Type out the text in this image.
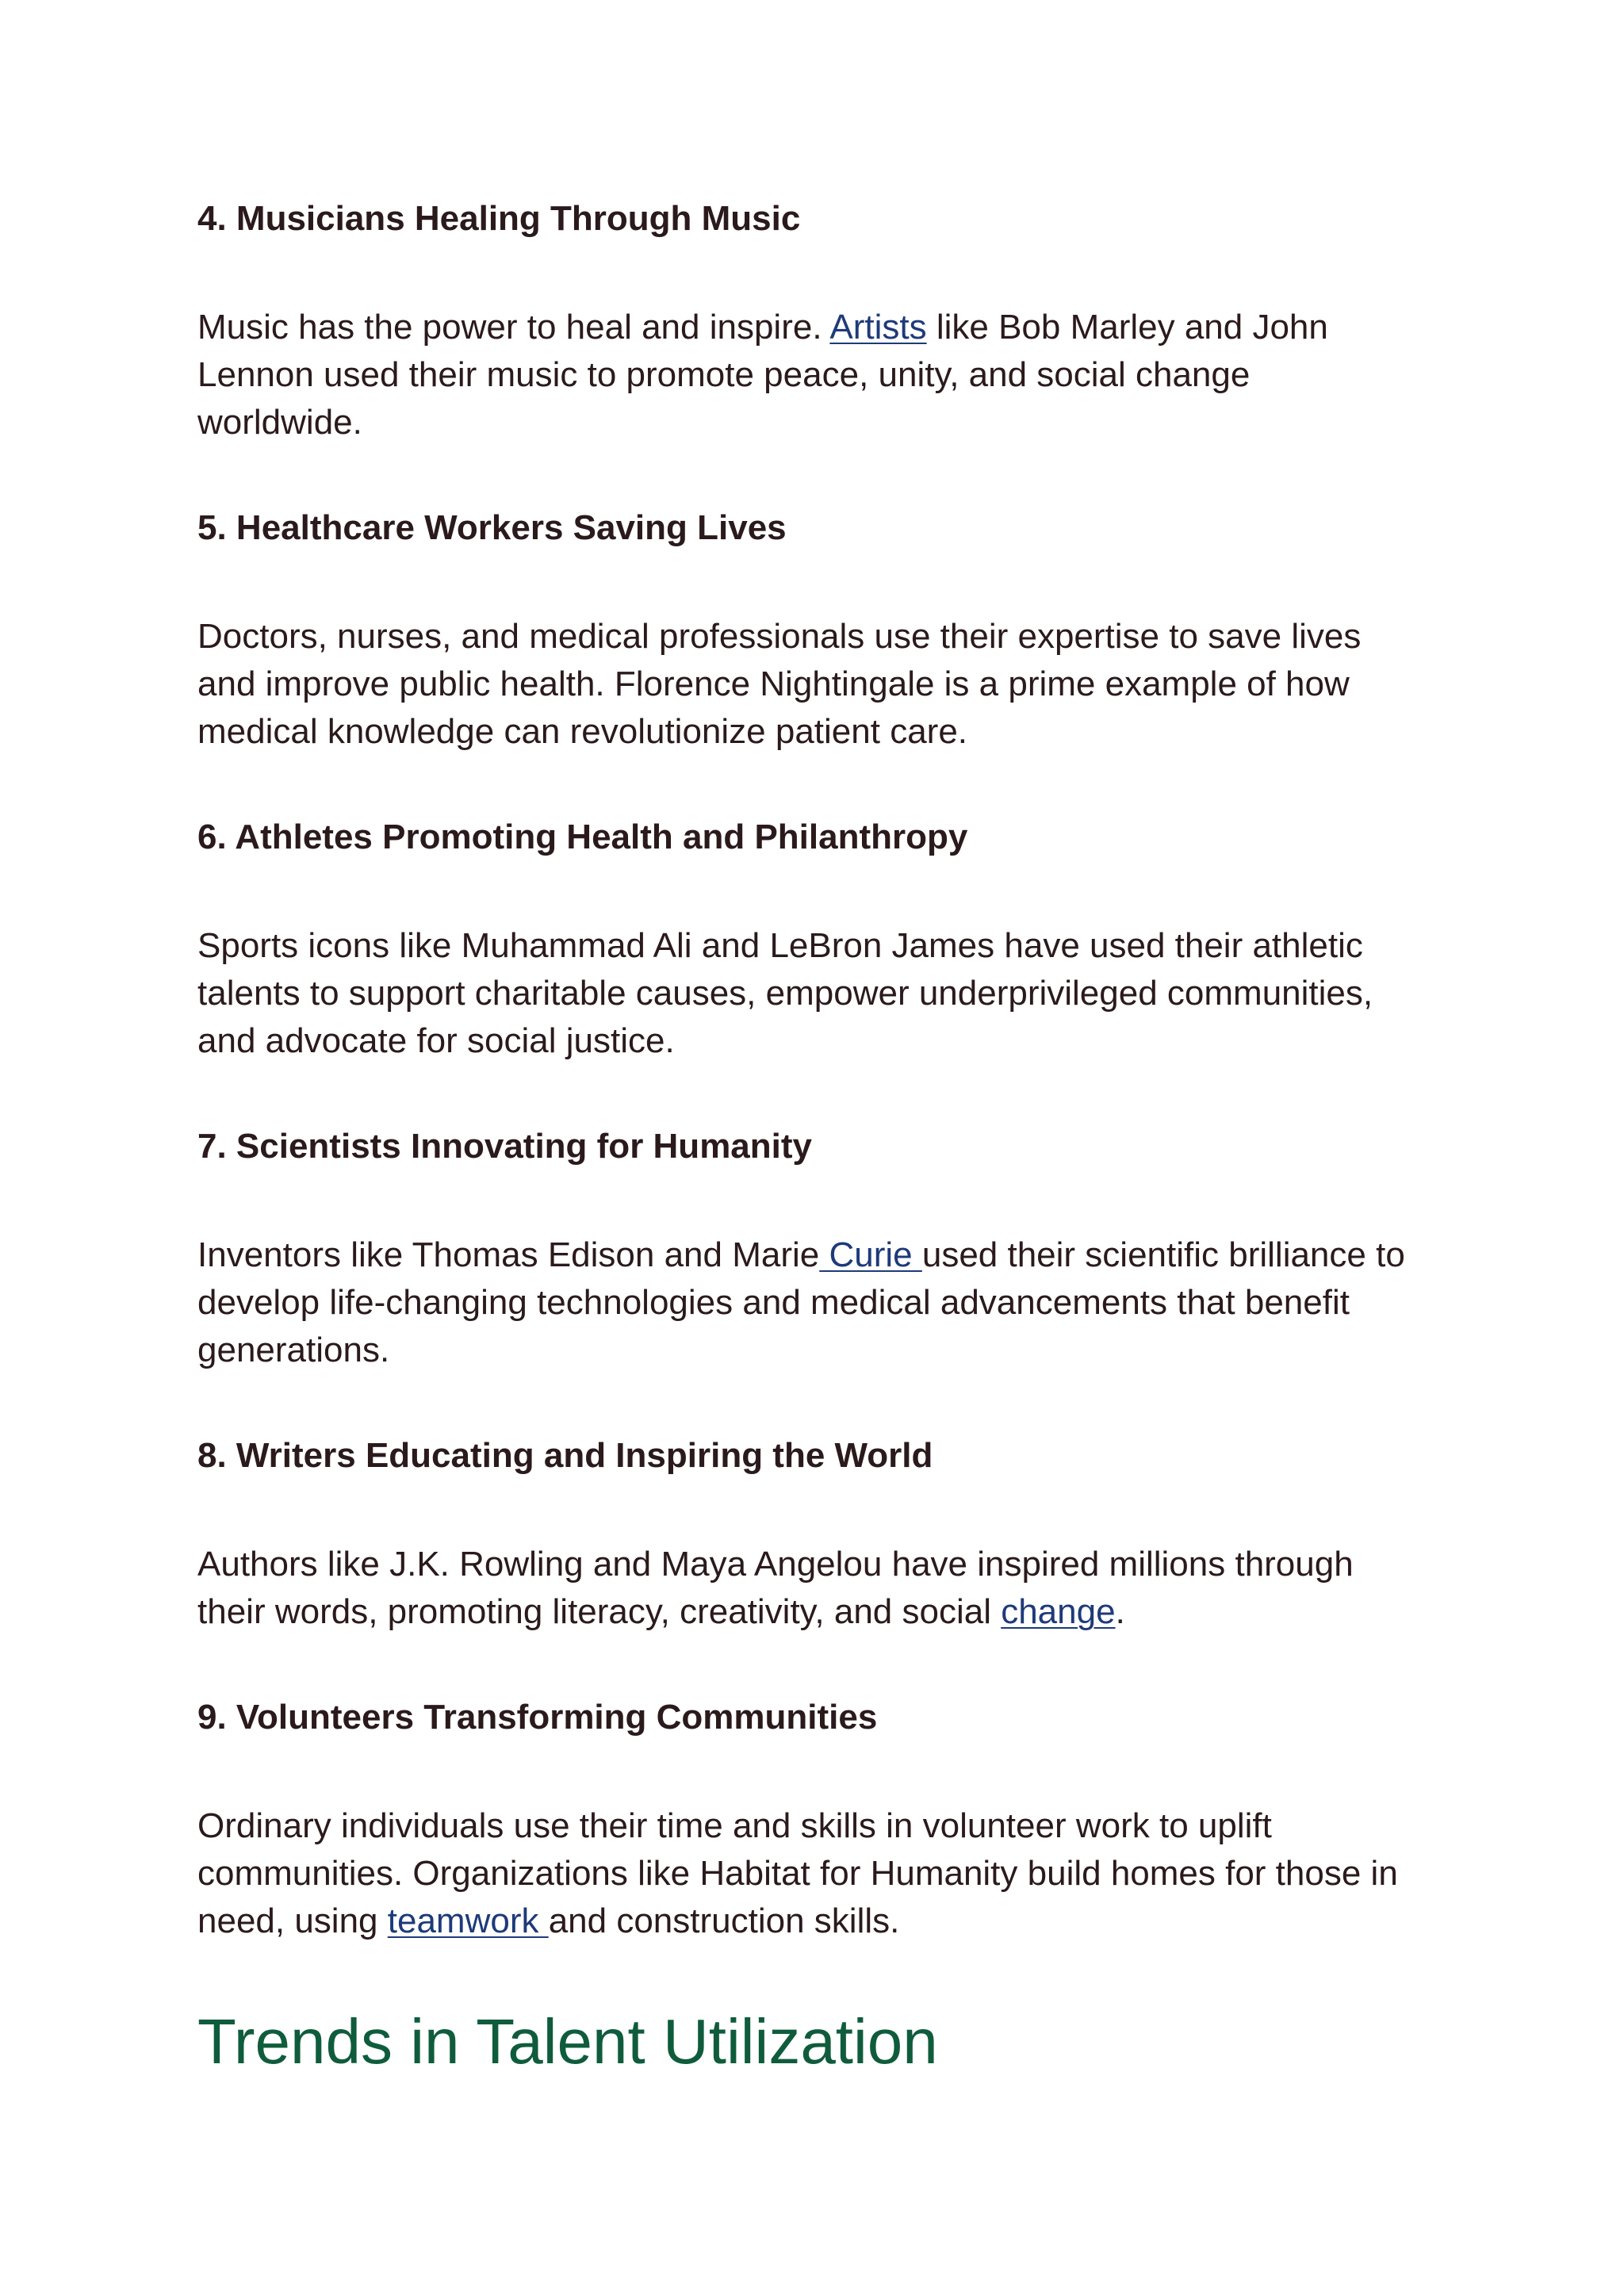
4. Musicians Healing Through Music
Music has the power to heal and inspire. Artists like Bob Marley and John
Lennon used their music to promote peace, unity, and social change
worldwide.
5. Healthcare Workers Saving Lives
Doctors, nurses, and medical professionals use their expertise to save lives
and improve public health. Florence Nightingale is a prime example of how
medical knowledge can revolutionize patient care.
6. Athletes Promoting Health and Philanthropy
Sports icons like Muhammad Ali and LeBron James have used their athletic
talents to support charitable causes, empower underprivileged communities,
and advocate for social justice.
7. Scientists Innovating for Humanity
Inventors like Thomas Edison and Marie Curie used their scientific brilliance to
develop life-changing technologies and medical advancements that benefit
generations.
8. Writers Educating and Inspiring the World
Authors like J.K. Rowling and Maya Angelou have inspired millions through
their words, promoting literacy, creativity, and social change.
9. Volunteers Transforming Communities
Ordinary individuals use their time and skills in volunteer work to uplift
communities. Organizations like Habitat for Humanity build homes for those in
need, using teamwork and construction skills.
Trends in Talent Utilization
